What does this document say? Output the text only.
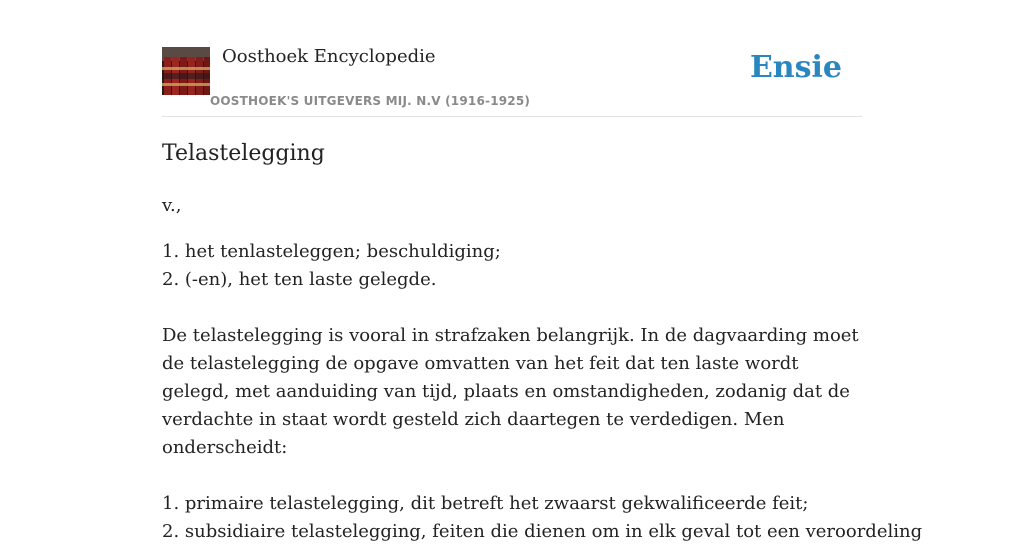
Oosthoek Encyclopedie
OOSTHOEK'S UITGEVERS MIJ. N.V (1916-1925)
Ensie
Telastelegging
v.,
1. het tenlasteleggen; beschuldiging;
2. (-en), het ten laste gelegde.
De telastelegging is vooral in strafzaken belangrijk. In de dagvaarding moet de telastelegging de opgave omvatten van het feit dat ten laste wordt gelegd, met aanduiding van tijd, plaats en omstandigheden, zodanig dat de verdachte in staat wordt gesteld zich daartegen te verdedigen. Men onderscheidt:
1. primaire telastelegging, dit betreft het zwaarst gekwalificeerde feit;
2. subsidiaire telastelegging, feiten die dienen om in elk geval tot een veroordeling
